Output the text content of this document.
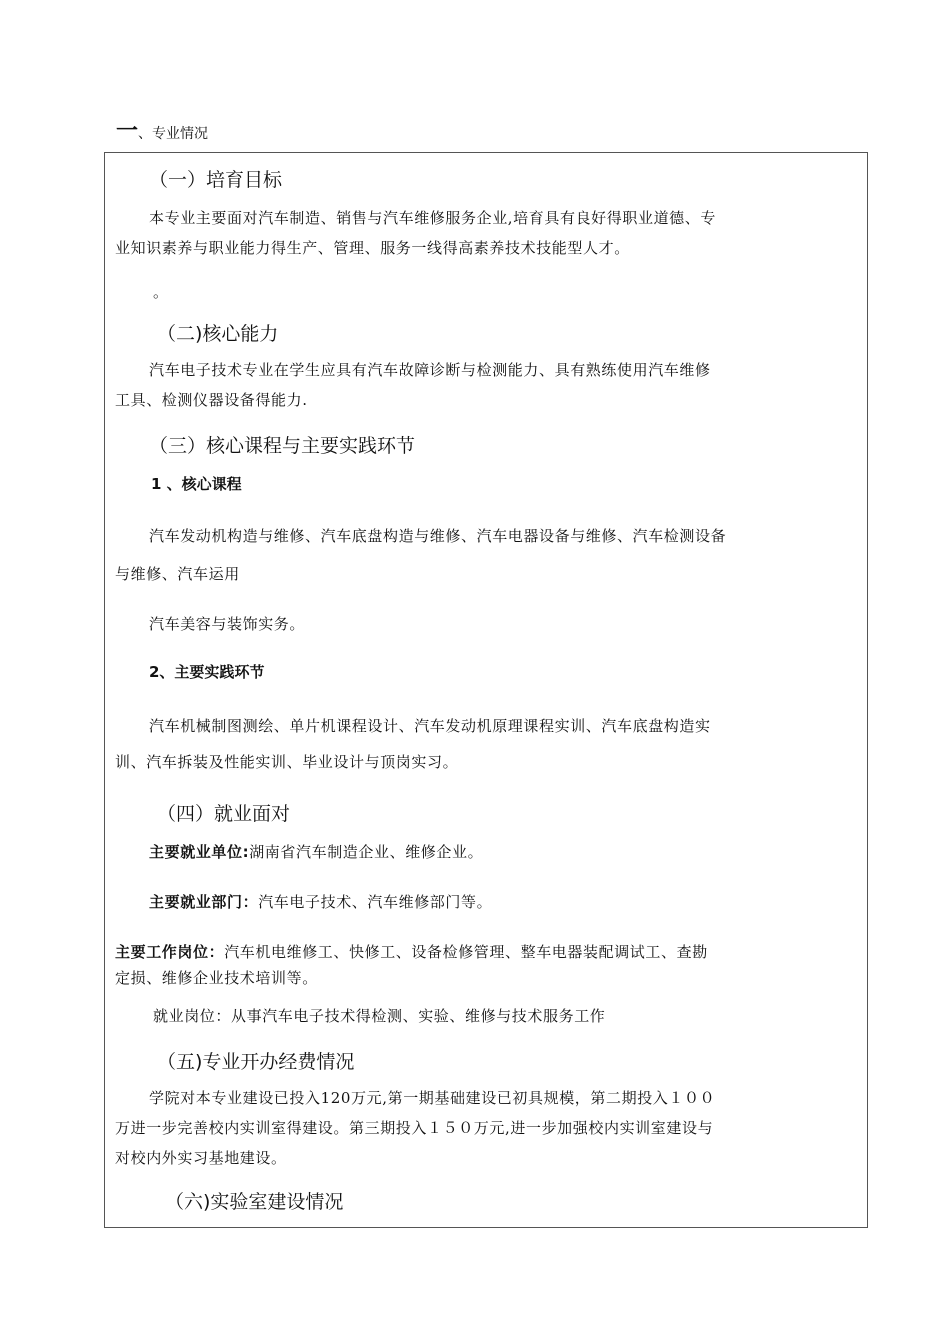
一、专业情况
（一）培育目标
本专业主要面对汽车制造、销售与汽车维修服务企业,培育具有良好得职业道德、专
业知识素养与职业能力得生产、管理、服务一线得高素养技术技能型人才。
。
（二)核心能力
汽车电子技术专业在学生应具有汽车故障诊断与检测能力、具有熟练使用汽车维修
工具、检测仪器设备得能力.
（三）核心课程与主要实践环节
1 、核心课程
汽车发动机构造与维修、汽车底盘构造与维修、汽车电器设备与维修、汽车检测设备
与维修、汽车运用
汽车美容与装饰实务。
2、主要实践环节
汽车机械制图测绘、单片机课程设计、汽车发动机原理课程实训、汽车底盘构造实
训、汽车拆装及性能实训、毕业设计与顶岗实习。
（四）就业面对
主要就业单位:湖南省汽车制造企业、维修企业。
主要就业部门：汽车电子技术、汽车维修部门等。
主要工作岗位：汽车机电维修工、快修工、设备检修管理、整车电器装配调试工、查勘
定损、维修企业技术培训等。
就业岗位：从事汽车电子技术得检测、实验、维修与技术服务工作
（五)专业开办经费情况
学院对本专业建设已投入120万元,第一期基础建设已初具规模，第二期投入１００
万进一步完善校内实训室得建设。第三期投入１５０万元,进一步加强校内实训室建设与
对校内外实习基地建设。
（六)实验室建设情况
